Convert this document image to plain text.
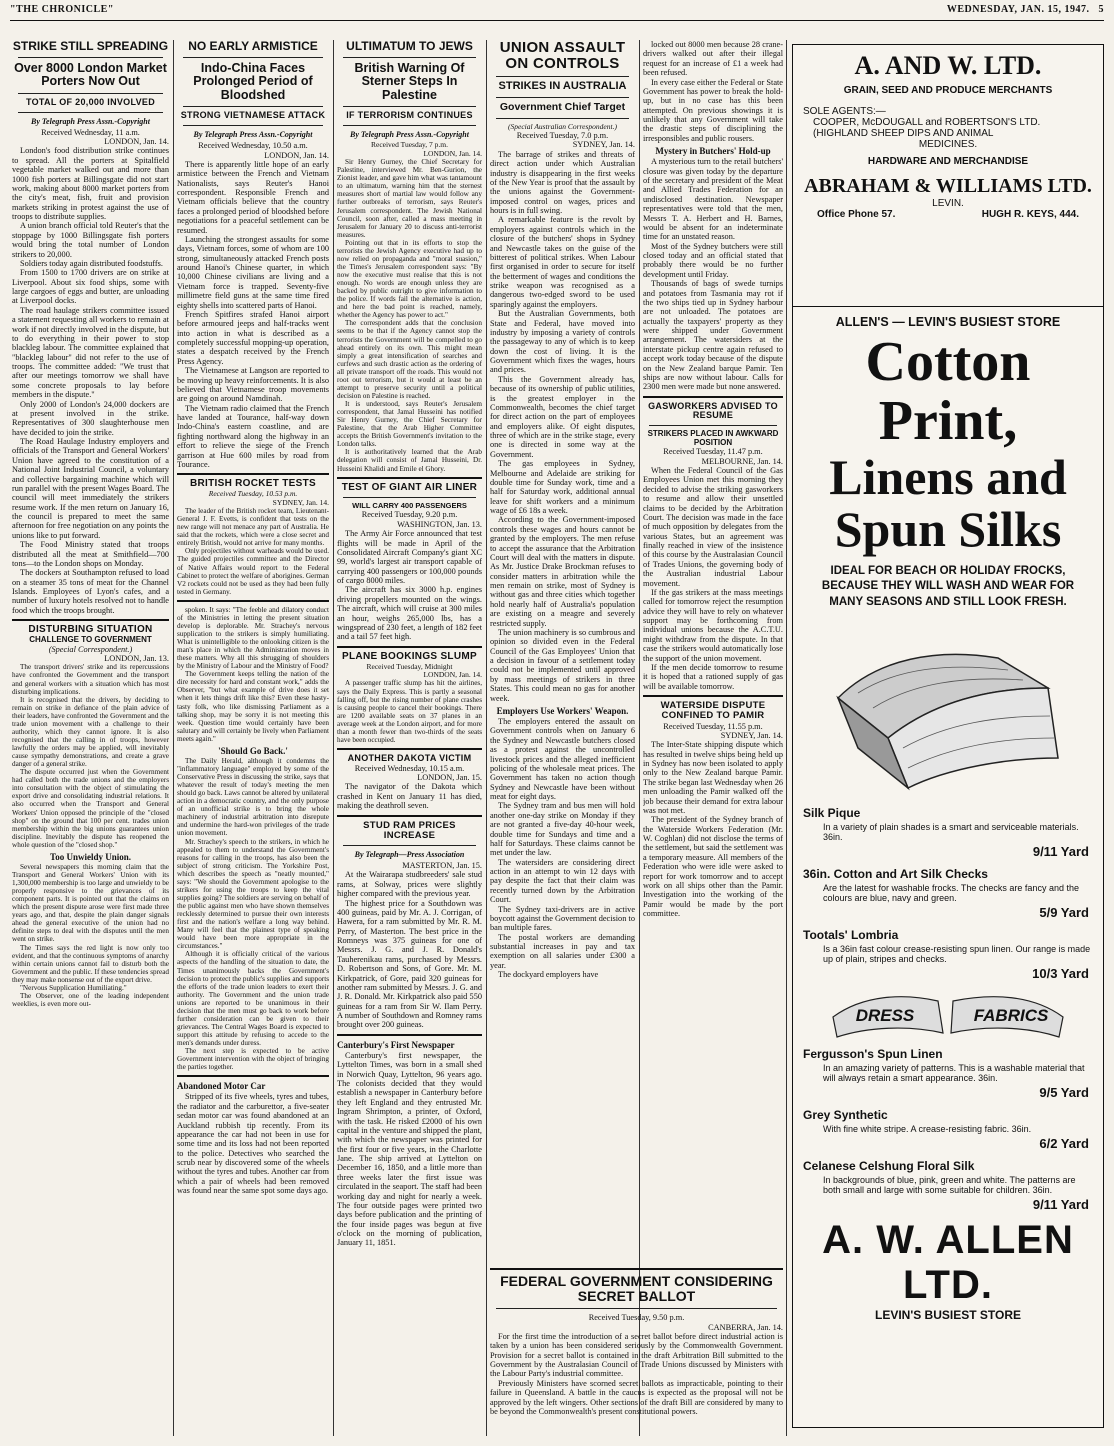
"THE CHRONICLE"	WEDNESDAY, JAN. 15, 1947. 5
STRIKE STILL SPREADING
Over 8000 London Market Porters Now Out
TOTAL OF 20,000 INVOLVED
By Telegraph Press Assn.-Copyright
Received Wednesday, 11 a.m.
LONDON, Jan. 14.

London's food distribution strike continues to spread. All the porters at Spitalfield vegetable market walked out and more than 1000 fish porters at Billingsgate did not start work, making about 8000 market porters from the city's meat, fish, fruit and provision markets striking in protest against the use of troops to distribute supplies.

A union branch official told Reuter's that the stoppage by 1000 Billingsgate fish porters would bring the total number of London strikers to 20,000.

Soldiers today again distributed foodstuffs.

From 1500 to 1700 drivers are on strike at Liverpool. About six food ships, some with large cargoes of eggs and butter, are unloading at Liverpool docks.

The road haulage strikers committee issued a statement requesting all workers to remain at work if not directly involved in the dispute, but to do everything in their power to stop blackleg labour. The committee explained that "blackleg labour" did not refer to the use of troops. The committee added: "We trust that after our meetings tomorrow we shall have some concrete proposals to lay before members in the dispute."

Only 2000 of London's 24,000 dockers are at present involved in the strike. Representatives of 300 slaughterhouse men have decided to join the strike.

The Road Haulage Industry employers and officials of the Transport and General Workers' Union have agreed to the constitution of a National Joint Industrial Council, a voluntary and collective bargaining machine which will run parallel with the present Wages Board. The council will meet immediately the strikers resume work. If the men return on January 16, the council is prepared to meet the same afternoon for free negotiation on any points the unions like to put forward.

The Food Ministry stated that troops distributed all the meat at Smithfield—700 tons—to the London shops on Monday.

The dockers at Southampton refused to load on a steamer 35 tons of meat for the Channel Islands. Employees of Lyon's cafes, and a number of luxury hotels resolved not to handle food which the troops brought.

DISTURBING SITUATION
CHALLENGE TO GOVERNMENT
(Special Correspondent.)
LONDON, Jan. 13.

The transport drivers' strike and its repercussions have confronted the Government and the transport and general workers with a situation which has most disturbing implications.

It is recognised that the drivers, by deciding to remain on strike in defiance of the plain advice of their leaders, have confronted the Government and the trade union movement with a challenge to their authority, which they cannot ignore. It is also recognised that the calling in of troops, however lawfully the orders may be applied, will inevitably cause sympathy demonstrations, and create a grave danger of a general strike.

The dispute occurred just when the Government had called both the trade unions and the employers into consultation with the object of stimulating the export drive and consolidating industrial relations. It also occurred when the Transport and General Workers' Union opposed the principle of the "closed shop" on the ground that 100 per cent. trades union membership within the big unions guarantees union discipline. Inevitably the dispute has reopened the whole question of the "closed shop."

Too Unwieldy Union.

Several newspapers this morning claim that the Transport and General Workers' Union with its 1,300,000 membership is too large and unwieldy to be properly responsive to the grievances of its component parts. It is pointed out that the claims on which the present dispute arose were first made three years ago, and that, despite the plain danger signals ahead the general executive of the union had no definite steps to deal with the disputes until the men went on strike.

The Times says the red light is now only too evident, and that the continuous symptoms of anarchy within certain unions cannot fail to disturb both the Government and the public. If these tendencies spread they may make nonsense out of the export drive.

"Nervous Supplication Humiliating."

The Observer, one of the leading independent weeklies, is even more out-

NO EARLY ARMISTICE
Indo-China Faces Prolonged Period of Bloodshed
STRONG VIETNAMESE ATTACK
By Telegraph Press Assn.-Copyright
Received Wednesday, 10.50 a.m.
LONDON, Jan. 14.

There is apparently little hope of an early armistice between the French and Vietnam Nationalists, says Reuter's Hanoi correspondent. Responsible French and Vietnam officials believe that the country faces a prolonged period of bloodshed before negotiations for a peaceful settlement can be resumed.

Launching the strongest assaults for some days, Vietnam forces, some of whom are 100 strong, simultaneously attacked French posts around Hanoi's Chinese quarter, in which 10,000 Chinese civilians are living and a Vietnam force is trapped. Seventy-five millimetre field guns at the same time fired eighty shells into scattered parts of Hanoi.

French Spitfires strafed Hanoi airport before armoured jeeps and half-tracks went into action in what is described as a completely successful mopping-up operation, states a despatch received by the French Press Agency.

The Vietnamese at Langson are reported to be moving up heavy reinforcements. It is also believed that Vietnamese troop movements are going on around Namdinah.

The Vietnam radio claimed that the French have landed at Tourance, half-way down Indo-China's eastern coastline, and are fighting northward along the highway in an effort to relieve the siege of the French garrison at Hue 600 miles by road from Tourance.

BRITISH ROCKET TESTS
Received Tuesday, 10.53 p.m.
SYDNEY, Jan. 14.

The leader of the British rocket team, Lieutenant-General J. F. Evetts, is confident that tests on the new range will not menace any part of Australia. He said that the rockets, which were a close secret and entirely British, would not arrive for many months.

Only projectiles without warheads would be used. The guided projectiles committee and the Director of Native Affairs would report to the Federal Cabinet to protect the welfare of aborigines. German V2 rockets could not be used as they had been fully tested in Germany.

spoken. It says: "The feeble and dilatory conduct of the Ministries in letting the present situation develop is deplorable. Mr. Strachey's nervous supplication to the strikers is simply humiliating. What is unintelligible to the onlooking citizen is the man's place in which the Administration moves in these matters. Why all this shrugging of shoulders by the Ministry of Labour and the Ministry of Food?

The Government keeps telling the nation of the dire necessity for hard and constant work," adds the Observer, "but what example of drive does it set when it lets things drift like this? Even these hasty-tasty folk, who like dismissing Parliament as a talking shop, may be sorry it is not meeting this week. Question time would certainly have been salutary and will certainly be lively when Parliament meets again."

'Should Go Back.'

The Daily Herald, although it condemns the "inflammatory language" employed by some of the Conservative Press in discussing the strike, says that whatever the result of today's meeting the men should go back. Laws cannot be altered by unilateral action in a democratic country, and the only purpose of an unofficial strike is to bring the whole machinery of industrial arbitration into disrepute and undermine the hard-won privileges of the trade union movement.

Mr. Strachey's speech to the strikers, in which he appealed to them to understand the Government's reasons for calling in the troops, has also been the subject of strong criticism. The Yorkshire Post, which describes the speech as "neatly mounted," says: "We should the Government apologise to the strikers for using the troops to keep the vital supplies going? The soldiers are serving on behalf of the public against men who have shown themselves recklessly determined to pursue their own interests first and the nation's welfare a long way behind. Many will feel that the plainest type of speaking would have been more appropriate in the circumstances."

Although it is officially critical of the various aspects of the handling of the situation to date, the Times unanimously backs the Government's decision to protect the public's supplies and supports the efforts of the trade union leaders to exert their authority. The Government and the union trade unions are reported to be unanimous in their decision that the men must go back to work before further consideration can be given to their grievances. The Central Wages Board is expected to support this attitude by refusing to accede to the men's demands under duress.

The next step is expected to be active Government intervention with the object of bringing the parties together.

Abandoned Motor Car

Stripped of its five wheels, tyres and tubes, the radiator and the carburettor, a five-seater sedan motor car was found abandoned at an Auckland rubbish tip recently. From its appearance the car had not been in use for some time and its loss had not been reported to the police. Detectives who searched the scrub near by discovered some of the wheels without the tyres and tubes. Another car from which a pair of wheels had been removed was found near the same spot some days ago.

ULTIMATUM TO JEWS
British Warning Of Sterner Steps In Palestine
IF TERRORISM CONTINUES
By Telegraph Press Assn.-Copyright
Received Tuesday, 7 p.m.
LONDON, Jan. 14.

Sir Henry Gurney, the Chief Secretary for Palestine, interviewed Mr. Ben-Gurion, the Zionist leader, and gave him what was tantamount to an ultimatum, warning him that the sternest measures short of martial law would follow any further outbreaks of terrorism, says Reuter's Jerusalem correspondent. The Jewish National Council, soon after, called a mass meeting in Jerusalem for January 20 to discuss anti-terrorist measures.

Pointing out that in its efforts to stop the terrorists the Jewish Agency executive had up to now relied on propaganda and "moral suasion," the Times's Jerusalem correspondent says: "By now the executive must realise that this is not enough. No words are enough unless they are backed by public outright to give information to the police. If words fail the alternative is action, and here the bad point is reached, namely, whether the Agency has power to act."

The correspondent adds that the conclusion seems to be that if the Agency cannot stop the terrorists the Government will be compelled to go ahead entirely on its own. This might mean simply a great intensification of searches and curfews and such drastic action as the ordering of all private transport off the roads. This would not root out terrorism, but it would at least be an attempt to preserve security until a political decision on Palestine is reached.

It is understood, says Reuter's Jerusalem correspondent, that Jamal Husseini has notified Sir Henry Gurney, the Chief Secretary for Palestine, that the Arab Higher Committee accepts the British Government's invitation to the London talks.

It is authoritatively learned that the Arab delegation will consist of Jamal Husseini, Dr. Husseini Khalidi and Emile el Ghory.

TEST OF GIANT AIR LINER
WILL CARRY 400 PASSENGERS
Received Tuesday, 9.20 p.m.
WASHINGTON, Jan. 13.

The Army Air Force announced that test flights will be made in April of the Consolidated Aircraft Company's giant XC 99, world's largest air transport capable of carrying 400 passengers or 100,000 pounds of cargo 8000 miles.

The aircraft has six 3000 h.p. engines driving propellers mounted on the wings. The aircraft, which will cruise at 300 miles an hour, weighs 265,000 lbs, has a wingspread of 230 feet, a length of 182 feet and a tail 57 feet high.

PLANE BOOKINGS SLUMP
Received Tuesday, Midnight
LONDON, Jan. 14.

A passenger traffic slump has hit the airlines, says the Daily Express. This is partly a seasonal falling off, but the rising number of plane crashes is causing people to cancel their bookings. There are 1200 available seats on 37 planes in an average week at the London airport, and for more than a month fewer than two-thirds of the seats have been occupied.

ANOTHER DAKOTA VICTIM
Received Wednesday, 10.15 a.m.
LONDON, Jan. 15.

The navigator of the Dakota which crashed in Kent on January 11 has died, making the deathroll seven.

STUD RAM PRICES INCREASE
By Telegraph—Press Association
MASTERTON, Jan. 15.

At the Wairarapa studbreeders' sale stud rams, at Solway, prices were slightly higher compared with the previous year.

The highest price for a Southdown was 400 guineas, paid by Mr. A. J. Corrigan, of Hawera, for a ram submitted by Mr. R. M. Perry, of Masterton. The best price in the Romneys was 375 guineas for one of Messrs. J. G. and J. R. Donald's Tauherenikau rams, purchased by Messrs. D. Robertson and Sons, of Gore. Mr. M. Kirkpatrick, of Gore, paid 320 guineas for another ram submitted by Messrs. J. G. and J. R. Donald. Mr. Kirkpatrick also paid 550 guineas for a ram from Sir W. Ilam Perry. A number of Southdown and Romney rams brought over 200 guineas.

Canterbury's First Newspaper

Canterbury's first newspaper, the Lyttelton Times, was born in a small shed in Norwich Quay, Lyttelton, 96 years ago. The colonists decided that they would establish a newspaper in Canterbury before they left England and they entrusted Mr. Ingram Shrimpton, a printer, of Oxford, with the task. He risked £2000 of his own capital in the venture and shipped the plant, with which the newspaper was printed for the first four or five years, in the Charlotte Jane. The ship arrived at Lyttelton on December 16, 1850, and a little more than three weeks later the first issue was circulated in the seaport. The staff had been working day and night for nearly a week. The four outside pages were printed two days before publication and the printing of the four inside pages was begun at five o'clock on the morning of publication, January 11, 1851.

UNION ASSAULT ON CONTROLS
STRIKES IN AUSTRALIA
Government Chief Target
(Special Australian Correspondent.)
Received Tuesday, 7.0 p.m.
SYDNEY, Jan. 14.

The barrage of strikes and threats of direct action under which Australian industry is disappearing in the first weeks of the New Year is proof that the assault by the unions against the Government-imposed control on wages, prices and hours is in full swing.

A remarkable feature is the revolt by employers against controls which in the closure of the butchers' shops in Sydney and Newcastle takes on the guise of the bitterest of political strikes. When Labour first organised in order to secure for itself the betterment of wages and conditions the strike weapon was recognised as a dangerous two-edged sword to be used sparingly against the employers.

But the Australian Governments, both State and Federal, have moved into industry by imposing a variety of controls the passageway to any of which is to keep down the cost of living. It is the Government which fixes the wages, hours and prices.

This the Government already has, because of its ownership of public utilities, is the greatest employer in the Commonwealth, becomes the chief target for direct action on the part of employees and employers alike. Of eight disputes, three of which are in the strike stage, every one is directed in some way at the Government.

The gas employees in Sydney, Melbourne and Adelaide are striking for double time for Sunday work, time and a half for Saturday work, additional annual leave for shift workers and a minimum wage of £6 18s a week.

According to the Government-imposed controls these wages and hours cannot be granted by the employers. The men refuse to accept the assurance that the Arbitration Court will deal with the matters in dispute. As Mr. Justice Drake Brockman refuses to consider matters in arbitration while the men remain on strike, most of Sydney is without gas and three cities which together hold nearly half of Australia's population are existing on a meagre and severely restricted supply.

The union machinery is so cumbrous and opinion so divided even in the Federal Council of the Gas Employees' Union that a decision in favour of a settlement today could not be implemented until approved by mass meetings of strikers in three States. This could mean no gas for another week.

Employers Use Workers' Weapon.

The employers entered the assault on Government controls when on January 6 the Sydney and Newcastle butchers closed as a protest against the uncontrolled livestock prices and the alleged inefficient policing of the wholesale meat prices. The Government has taken no action though Sydney and Newcastle have been without meat for eight days.

The Sydney tram and bus men will hold another one-day strike on Monday if they are not granted a five-day 40-hour week, double time for Sundays and time and a half for Saturdays. These claims cannot be met under the law.

The watersiders are considering direct action in an attempt to win 12 days with pay despite the fact that their claim was recently turned down by the Arbitration Court.

The Sydney taxi-drivers are in active boycott against the Government decision to ban multiple fares.

The postal workers are demanding substantial increases in pay and tax exemption on all salaries under £300 a year.

The dockyard employers have

locked out 8000 men because 28 crane-drivers walked out after their illegal request for an increase of £1 a week had been refused.

In every case either the Federal or State Government has power to break the hold-up, but in no case has this been attempted. On previous showings it is unlikely that any Government will take the drastic steps of disciplining the irresponsibles and public rousers.

Mystery in Butchers' Hold-up

A mysterious turn to the retail butchers' closure was given today by the departure of the secretary and president of the Meat and Allied Trades Federation for an undisclosed destination. Newspaper representatives were told that the men, Messrs T. A. Herbert and H. Barnes, would be absent for an indeterminate time for an unstated reason.

Most of the Sydney butchers were still closed today and an official stated that probably there would be no further development until Friday.

Thousands of bags of swede turnips and potatoes from Tasmania may rot if the two ships tied up in Sydney harbour are not unloaded. The potatoes are actually the taxpayers' property as they were shipped under Government arrangement. The watersiders at the interstate pickup centre again refused to accept work today because of the dispute on the New Zealand barque Pamir. Ten ships are now without labour. Calls for 2300 men were made but none answered.

GASWORKERS ADVISED TO RESUME
STRIKERS PLACED IN AWKWARD POSITION
Received Tuesday, 11.47 p.m.
MELBOURNE, Jan. 14.

When the Federal Council of the Gas Employees Union met this morning they decided to advise the striking gasworkers to resume and allow their unsettled claims to be decided by the Arbitration Court. The decision was made in the face of much opposition by delegates from the various States, but an agreement was finally reached in view of the insistence of this course by the Australasian Council of Trades Unions, the governing body of the Australian industrial Labour movement.

If the gas strikers at the mass meetings called for tomorrow reject the resumption advice they will have to rely on whatever support may be forthcoming from individual unions because the A.C.T.U. might withdraw from the dispute. In that case the strikers would automatically lose the support of the union movement.

If the men decide tomorrow to resume it is hoped that a rationed supply of gas will be available tomorrow.

WATERSIDE DISPUTE CONFINED TO PAMIR
Received Tuesday, 11.55 p.m.
SYDNEY, Jan. 14.

The Inter-State shipping dispute which has resulted in twelve ships being held up in Sydney has now been isolated to apply only to the New Zealand barque Pamir. The strike began last Wednesday when 26 men unloading the Pamir walked off the job because their demand for extra labour was not met.

The president of the Sydney branch of the Waterside Workers Federation (Mr. W. Coghlan) did not disclose the terms of the settlement, but said the settlement was a temporary measure. All members of the Federation who were idle were asked to report for work tomorrow and to accept work on all ships other than the Pamir. Investigation into the working of the Pamir would be made by the port committee.

FEDERAL GOVERNMENT CONSIDERING SECRET BALLOT
Received Tuesday, 9.50 p.m.
CANBERRA, Jan. 14.

For the first time the introduction of a secret ballot before direct industrial action is taken by a union has been considered seriously by the Commonwealth Government. Provision for a secret ballot is contained in the draft Arbitration Bill submitted to the Government by the Australasian Council of Trade Unions discussed by Ministers with the Labour Party's industrial committee.

Previously Ministers have scorned secret ballots as impracticable, pointing to their failure in Queensland. A battle in the caucus is expected as the proposal will not be approved by the left wingers. Other sections of the draft Bill are considered by many to be beyond the Commonwealth's present constitutional powers.

A. AND W. LTD.
GRAIN, SEED AND PRODUCE MERCHANTS
SOLE AGENTS:—
COOPER, McDOUGALL and ROBERTSON'S LTD.
(HIGHLAND SHEEP DIPS AND ANIMAL
MEDICINES.
HARDWARE AND MERCHANDISE
ABRAHAM & WILLIAMS LTD.
LEVIN.
Office Phone 57.	HUGH R. KEYS, 444.
ALLEN'S — LEVIN'S BUSIEST STORE
Cotton
Print,
Linens and
Spun Silks
IDEAL FOR BEACH OR HOLIDAY FROCKS, BECAUSE THEY WILL WASH AND WEAR FOR MANY SEASONS AND STILL LOOK FRESH.
Silk Pique
In a variety of plain shades is a smart and serviceable materials. 36in.
9/11 Yard
36in. Cotton and Art Silk Checks
Are the latest for washable frocks. The checks are fancy and the colours are blue, navy and green.
5/9 Yard
Tootals' Lombria
Is a 36in fast colour crease-resisting spun linen. Our range is made up of plain, stripes and checks.
10/3 Yard
DRESS	FABRICS
Fergusson's Spun Linen
In an amazing variety of patterns. This is a washable material that will always retain a smart appearance. 36in.
9/5 Yard
Grey Synthetic
With fine white stripe. A crease-resisting fabric. 36in.
6/2 Yard
Celanese Celshung Floral Silk
In backgrounds of blue, pink, green and white. The patterns are both small and large with some suitable for children. 36in.
9/11 Yard
A. W. ALLEN LTD.
LEVIN'S BUSIEST STORE
